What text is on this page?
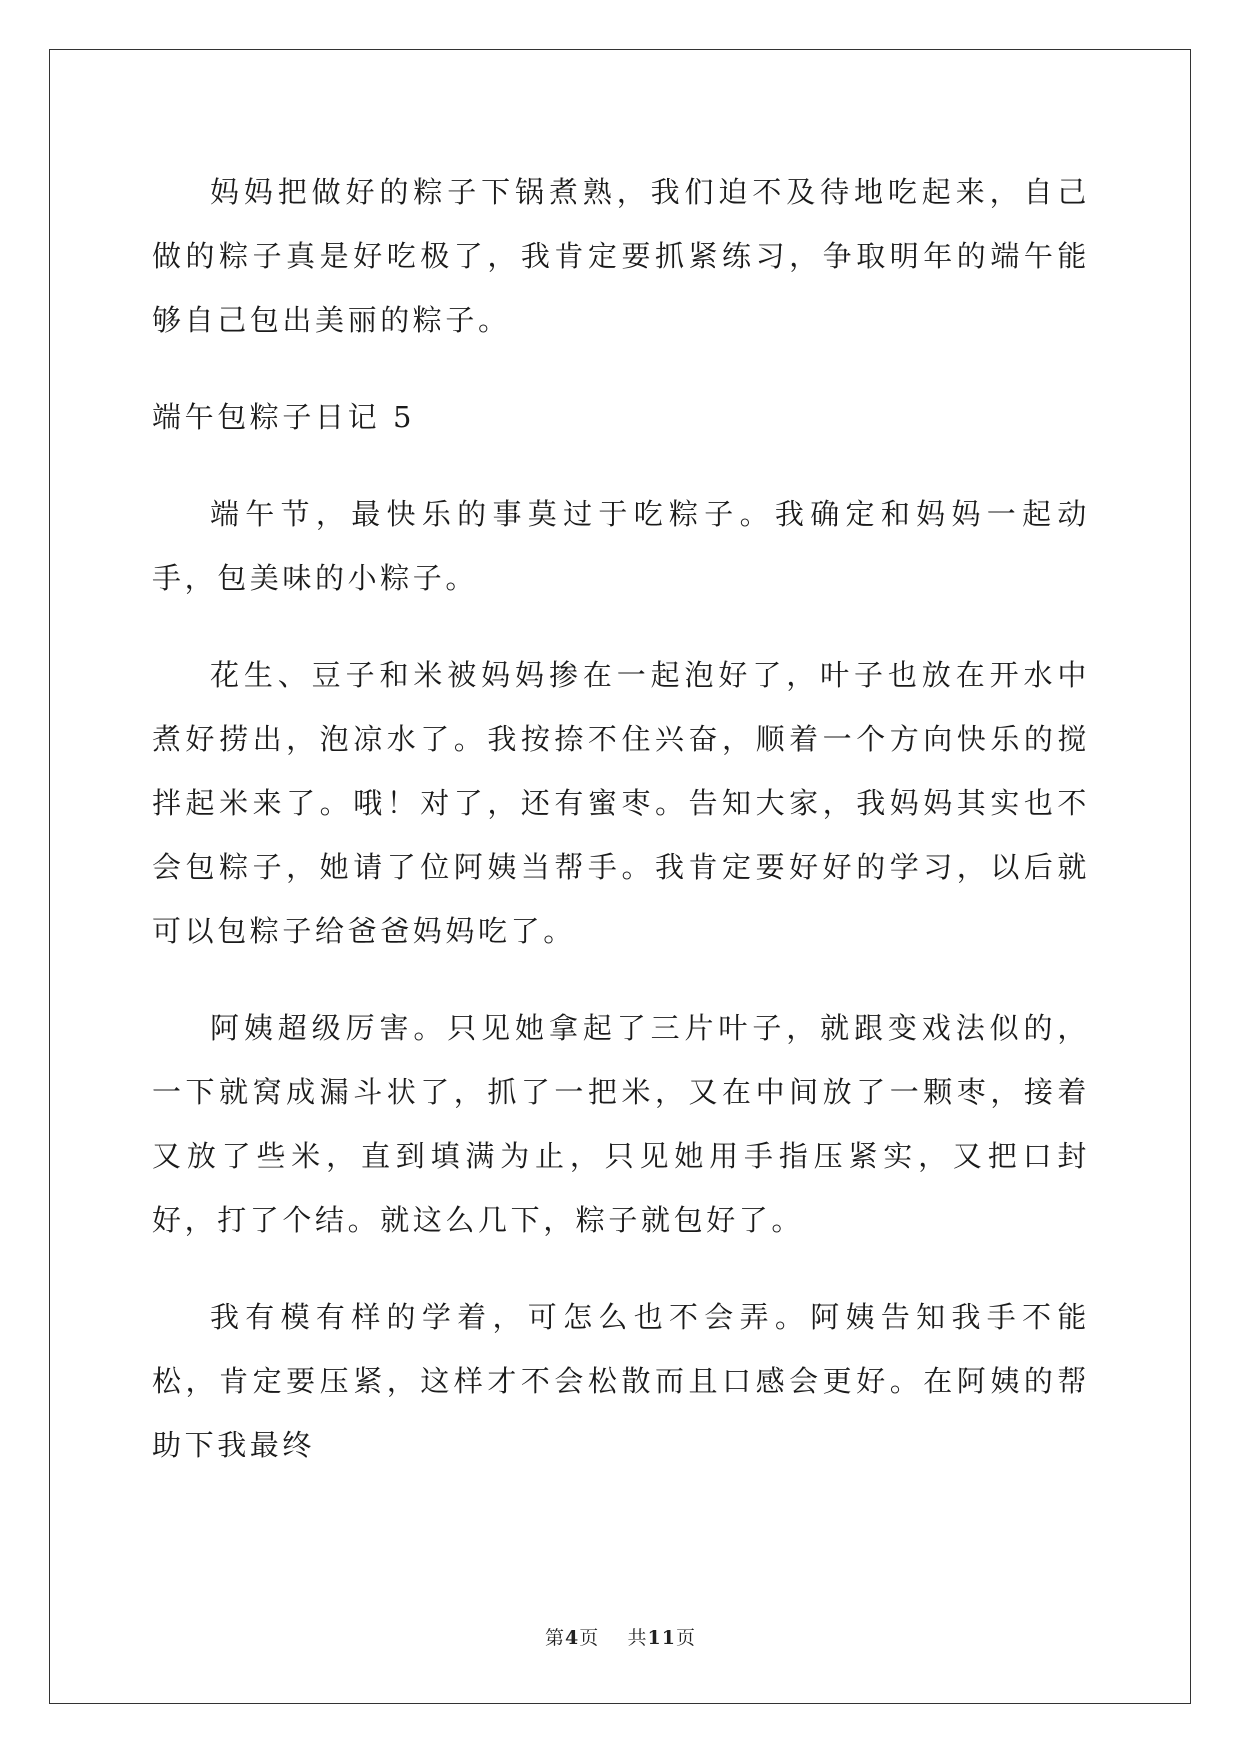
妈妈把做好的粽子下锅煮熟，我们迫不及待地吃起来，自己做的粽子真是好吃极了，我肯定要抓紧练习，争取明年的端午能够自己包出美丽的粽子。

端午包粽子日记 5

端午节，最快乐的事莫过于吃粽子。我确定和妈妈一起动手，包美味的小粽子。

花生、豆子和米被妈妈掺在一起泡好了，叶子也放在开水中煮好捞出，泡凉水了。我按捺不住兴奋，顺着一个方向快乐的搅拌起米来了。哦！对了，还有蜜枣。告知大家，我妈妈其实也不会包粽子，她请了位阿姨当帮手。我肯定要好好的学习，以后就可以包粽子给爸爸妈妈吃了。

阿姨超级厉害。只见她拿起了三片叶子，就跟变戏法似的，一下就窝成漏斗状了，抓了一把米，又在中间放了一颗枣，接着又放了些米，直到填满为止，只见她用手指压紧实，又把口封好，打了个结。就这么几下，粽子就包好了。

我有模有样的学着，可怎么也不会弄。阿姨告知我手不能松，肯定要压紧，这样才不会松散而且口感会更好。在阿姨的帮助下我最终

第4页 共11页
